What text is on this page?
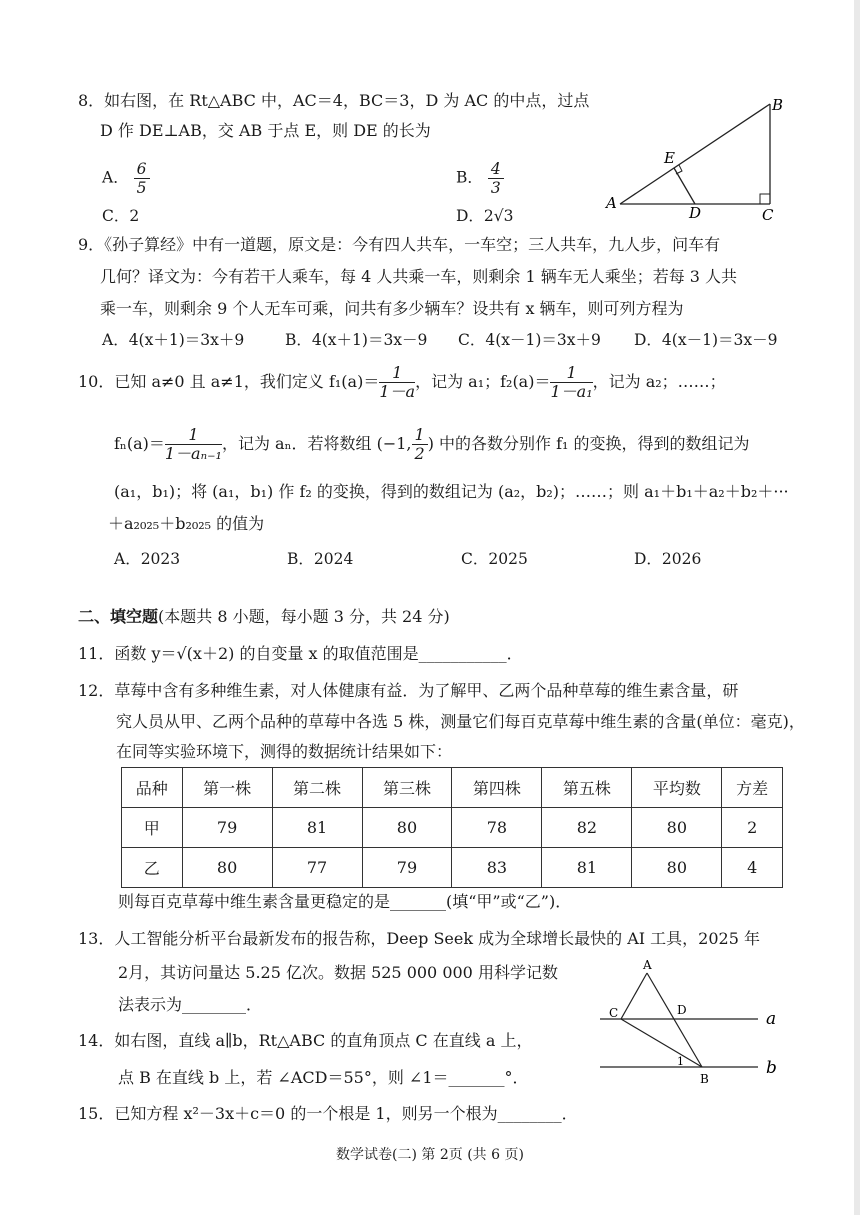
8．如右图，在 Rt△ABC 中，AC＝4，BC＝3，D 为 AC 的中点，过点
D 作 DE⊥AB，交 AB 于点 E，则 DE 的长为
A． $\frac{6}{5}$	B． $\frac{4}{3}$
C．2	D．2√3
A
B
C
D
E
9．《孙子算经》中有一道题，原文是：今有四人共车，一车空；三人共车，九人步，问车有
几何？译文为：今有若干人乘车，每 4 人共乘一车，则剩余 1 辆车无人乘坐；若每 3 人共
乘一车，则剩余 9 个人无车可乘，问共有多少辆车？设共有 x 辆车，则可列方程为
A．4(x＋1)＝3x＋9	B．4(x＋1)＝3x－9 C．4(x－1)＝3x＋9 D．4(x－1)＝3x－9
10．已知 a≠0 且 a≠1，我们定义 $f_1(a)= \frac{1}{1-a}$ ，记为 a₁；$f_2(a)= \frac{1}{\text{1－a₁}}$ ，记为 a₂；……；
$f_n(a)= \frac{1}{\text{1－aₙ₋₁}}$ ，记为 aₙ．若将数组 (−1, $\frac{1}{2}$ ) 中的各数分别作 f₁ 的变换，得到的数组记为
(a₁，b₁)；将 (a₁，b₁) 作 f₂ 的变换，得到的数组记为 (a₂，b₂)；……；则 a₁＋b₁＋a₂＋b₂＋···
＋a₂₀₂₅＋b₂₀₂₅ 的值为
A．2023	B．2024	C．2025	D．2026
二、填空题(本题共 8 小题，每小题 3 分，共 24 分)
11．函数 y＝√(x＋2) 的自变量 x 的取值范围是___________．
12．草莓中含有多种维生素，对人体健康有益．为了解甲、乙两个品种草莓的维生素含量，研
究人员从甲、乙两个品种的草莓中各选 5 株，测量它们每百克草莓中维生素的含量(单位：毫克)，
在同等实验环境下，测得的数据统计结果如下：
品种	第一株	第二株	第三株	第四株	第五株	平均数	方差
甲	79	81	80	78	82	80	2
乙	80	77	79	83	81	80	4
则每百克草莓中维生素含量更稳定的是_______(填“甲”或“乙”)．
13．人工智能分析平台最新发布的报告称，Deep Seek 成为全球增长最快的 AI 工具，2025 年
2月，其访问量达 5.25 亿次。数据 525 000 000 用科学记数
法表示为________．
14．如右图，直线 a∥b，Rt△ABC 的直角顶点 C 在直线 a 上，
点 B 在直线 b 上，若 ∠ACD＝55°，则 ∠1＝_______°．
A
C	D
1
B
a
b
15．已知方程 x²－3x＋c＝0 的一个根是 1，则另一个根为________．
数学试卷(二) 第 2页 (共 6 页)
